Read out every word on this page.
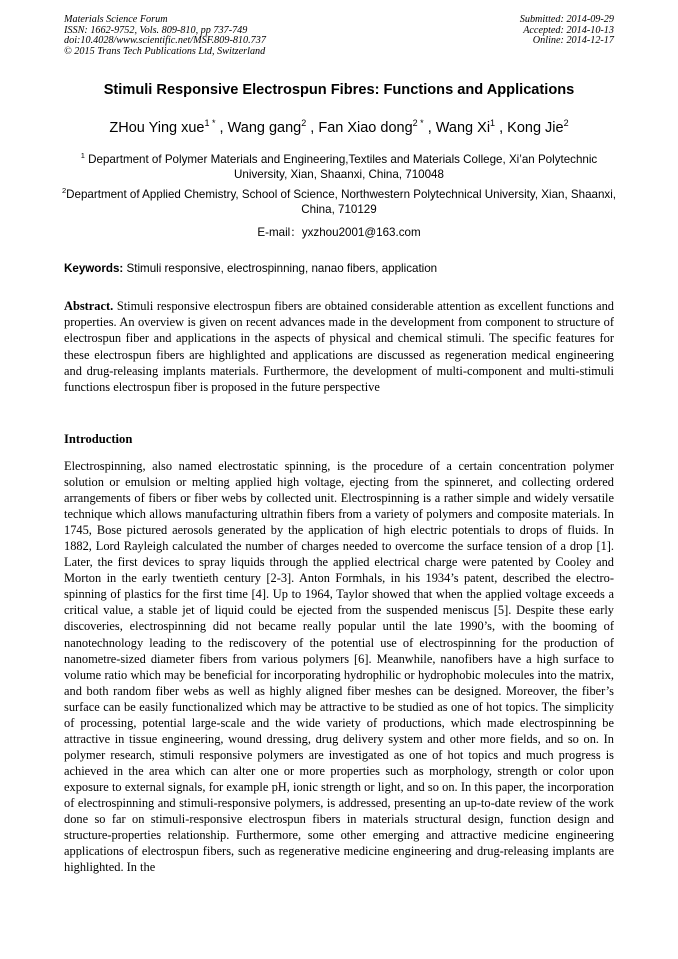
Materials Science Forum
ISSN: 1662-9752, Vols. 809-810, pp 737-749
doi:10.4028/www.scientific.net/MSF.809-810.737
© 2015 Trans Tech Publications Ltd, Switzerland
Submitted: 2014-09-29
Accepted: 2014-10-13
Online: 2014-12-17
Stimuli Responsive Electrospun Fibres: Functions and Applications
ZHou Ying xue$^{1 *}$ , Wang gang$^2$ , Fan Xiao dong$^{2 *}$ , Wang Xi$^1$ , Kong Jie$^2$
$^1$ Department of Polymer Materials and Engineering,Textiles and Materials College, Xi’an Polytechnic University, Xian, Shaanxi, China, 710048
$^2$Department of Applied Chemistry, School of Science, Northwestern Polytechnical University, Xian, Shaanxi, China, 710129
E-mail：yxzhou2001@163.com
Keywords: Stimuli responsive, electrospinning, nanao fibers, application
Abstract. Stimuli responsive electrospun fibers are obtained considerable attention as excellent functions and properties. An overview is given on recent advances made in the development from component to structure of electrospun fiber and applications in the aspects of physical and chemical stimuli. The specific features for these electrospun fibers are highlighted and applications are discussed as regeneration medical engineering and drug-releasing implants materials. Furthermore, the development of multi-component and multi-stimuli functions electrospun fiber is proposed in the future perspective
Introduction
Electrospinning, also named electrostatic spinning, is the procedure of a certain concentration polymer solution or emulsion or melting applied high voltage, ejecting from the spinneret, and collecting ordered arrangements of fibers or fiber webs by collected unit. Electrospinning is a rather simple and widely versatile technique which allows manufacturing ultrathin fibers from a variety of polymers and composite materials. In 1745, Bose pictured aerosols generated by the application of high electric potentials to drops of fluids. In 1882, Lord Rayleigh calculated the number of charges needed to overcome the surface tension of a drop [1]. Later, the first devices to spray liquids through the applied electrical charge were patented by Cooley and Morton in the early twentieth century [2-3]. Anton Formhals, in his 1934’s patent, described the electro-spinning of plastics for the first time [4]. Up to 1964, Taylor showed that when the applied voltage exceeds a critical value, a stable jet of liquid could be ejected from the suspended meniscus [5]. Despite these early discoveries, electrospinning did not became really popular until the late 1990’s, with the booming of nanotechnology leading to the rediscovery of the potential use of electrospinning for the production of nanometre-sized diameter fibers from various polymers [6]. Meanwhile, nanofibers have a high surface to volume ratio which may be beneficial for incorporating hydrophilic or hydrophobic molecules into the matrix, and both random fiber webs as well as highly aligned fiber meshes can be designed. Moreover, the fiber’s surface can be easily functionalized which may be attractive to be studied as one of hot topics. The simplicity of processing, potential large-scale and the wide variety of productions, which made electrospinning be attractive in tissue engineering, wound dressing, drug delivery system and other more fields, and so on. In polymer research, stimuli responsive polymers are investigated as one of hot topics and much progress is achieved in the area which can alter one or more properties such as morphology, strength or color upon exposure to external signals, for example pH, ionic strength or light, and so on. In this paper, the incorporation of electrospinning and stimuli-responsive polymers, is addressed, presenting an up-to-date review of the work done so far on stimuli-responsive electrospun fibers in materials structural design, function design and structure-properties relationship. Furthermore, some other emerging and attractive medicine engineering applications of electrospun fibers, such as regenerative medicine engineering and drug-releasing implants are highlighted. In the
